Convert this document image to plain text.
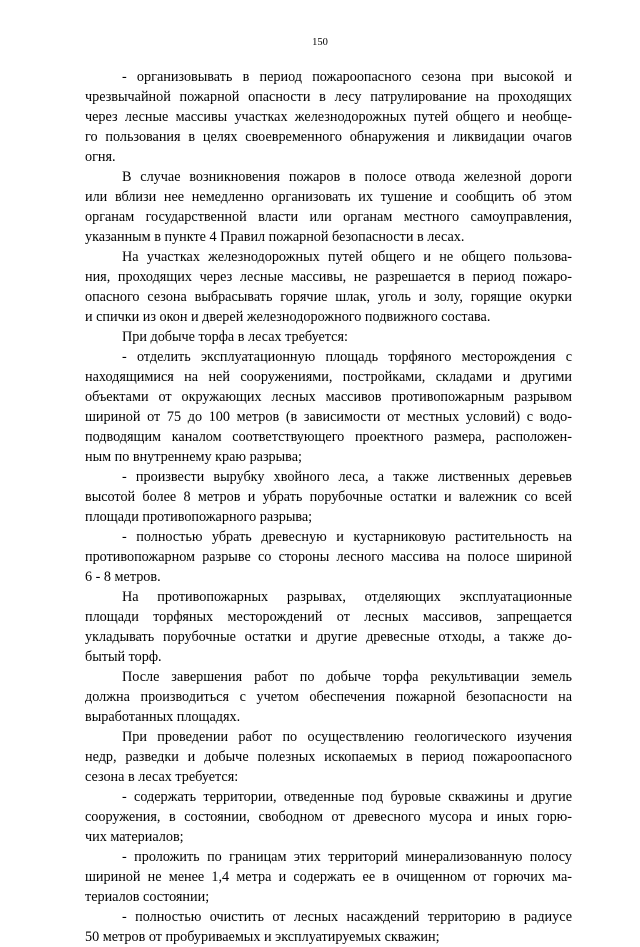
150
- организовывать в период пожароопасного сезона при высокой и
чрезвычайной пожарной опасности в лесу патрулирование на проходящих
через лесные массивы участках железнодорожных путей общего и необще-
го пользования в целях своевременного обнаружения и ликвидации очагов
огня.
В случае возникновения пожаров в полосе отвода железной дороги
или вблизи нее немедленно организовать их тушение и сообщить об этом
органам государственной власти или органам местного самоуправления,
указанным в пункте 4 Правил пожарной безопасности в лесах.
На участках железнодорожных путей общего и не общего пользова-
ния, проходящих через лесные массивы, не разрешается в период пожаро-
опасного сезона выбрасывать горячие шлак, уголь и золу, горящие окурки
и спички из окон и дверей железнодорожного подвижного состава.
При добыче торфа в лесах требуется:
- отделить эксплуатационную площадь торфяного месторождения с
находящимися на ней сооружениями, постройками, складами и другими
объектами от окружающих лесных массивов противопожарным разрывом
шириной от 75 до 100 метров (в зависимости от местных условий) с водо-
подводящим каналом соответствующего проектного размера, расположен-
ным по внутреннему краю разрыва;
- произвести вырубку хвойного леса, а также лиственных деревьев
высотой более 8 метров и убрать порубочные остатки и валежник со всей
площади противопожарного разрыва;
- полностью убрать древесную и кустарниковую растительность на
противопожарном разрыве со стороны лесного массива на полосе шириной
6 - 8 метров.
На противопожарных разрывах, отделяющих эксплуатационные
площади торфяных месторождений от лесных массивов, запрещается
укладывать порубочные остатки и другие древесные отходы, а также до-
бытый торф.
После завершения работ по добыче торфа рекультивации земель
должна производиться с учетом обеспечения пожарной безопасности на
выработанных площадях.
При проведении работ по осуществлению геологического изучения
недр, разведки и добыче полезных ископаемых в период пожароопасного
сезона в лесах требуется:
- содержать территории, отведенные под буровые скважины и другие
сооружения, в состоянии, свободном от древесного мусора и иных горю-
чих материалов;
- проложить по границам этих территорий минерализованную полосу
шириной не менее 1,4 метра и содержать ее в очищенном от горючих ма-
териалов состоянии;
- полностью очистить от лесных насаждений территорию в радиусе
50 метров от пробуриваемых и эксплуатируемых скважин;
